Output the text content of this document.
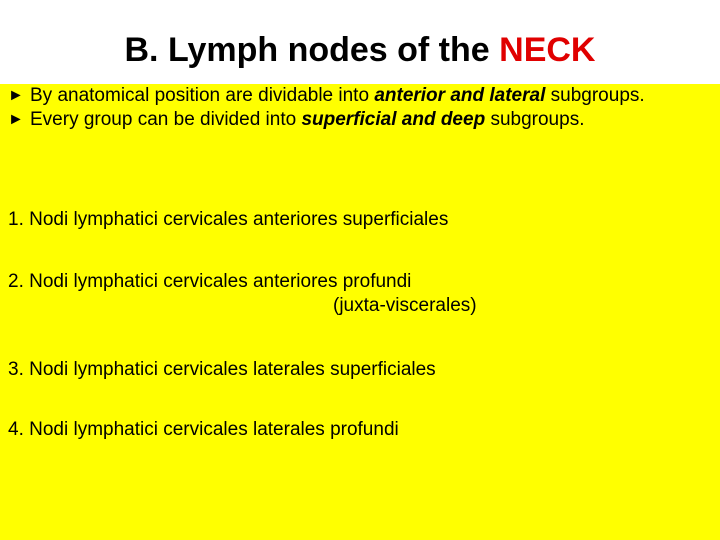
B. Lymph nodes of the NECK
► By anatomical position are dividable into anterior and lateral subgroups.
► Every group can be divided into superficial and deep subgroups.
1. Nodi lymphatici cervicales anteriores superficiales
2. Nodi lymphatici cervicales anteriores profundi
(juxta-viscerales)
3. Nodi lymphatici cervicales laterales superficiales
4. Nodi lymphatici cervicales laterales profundi
